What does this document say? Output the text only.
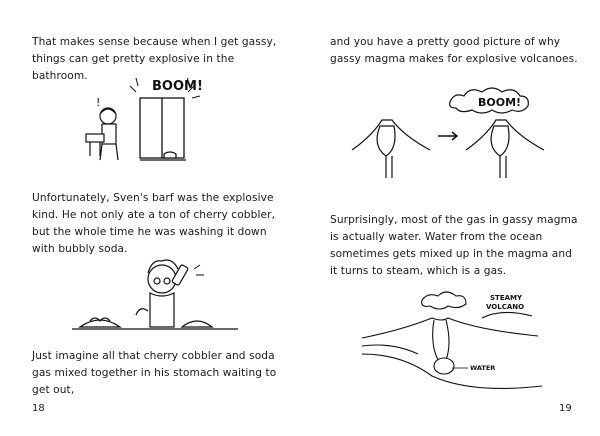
That makes sense because when I get gassy, things can get pretty explosive in the bathroom.

!
BOOM!

Unfortunately, Sven's barf was the explosive kind. He not only ate a ton of cherry cobbler, but the whole time he was washing it down with bubbly soda.

Just imagine all that cherry cobbler and soda gas mixed together in his stomach waiting to get out,

18

and you have a pretty good picture of why gassy magma makes for explosive volcanoes.

BOOM!

Surprisingly, most of the gas in gassy magma is actually water. Water from the ocean sometimes gets mixed up in the magma and it turns to steam, which is a gas.

STEAMY
VOLCANO
WATER
19
